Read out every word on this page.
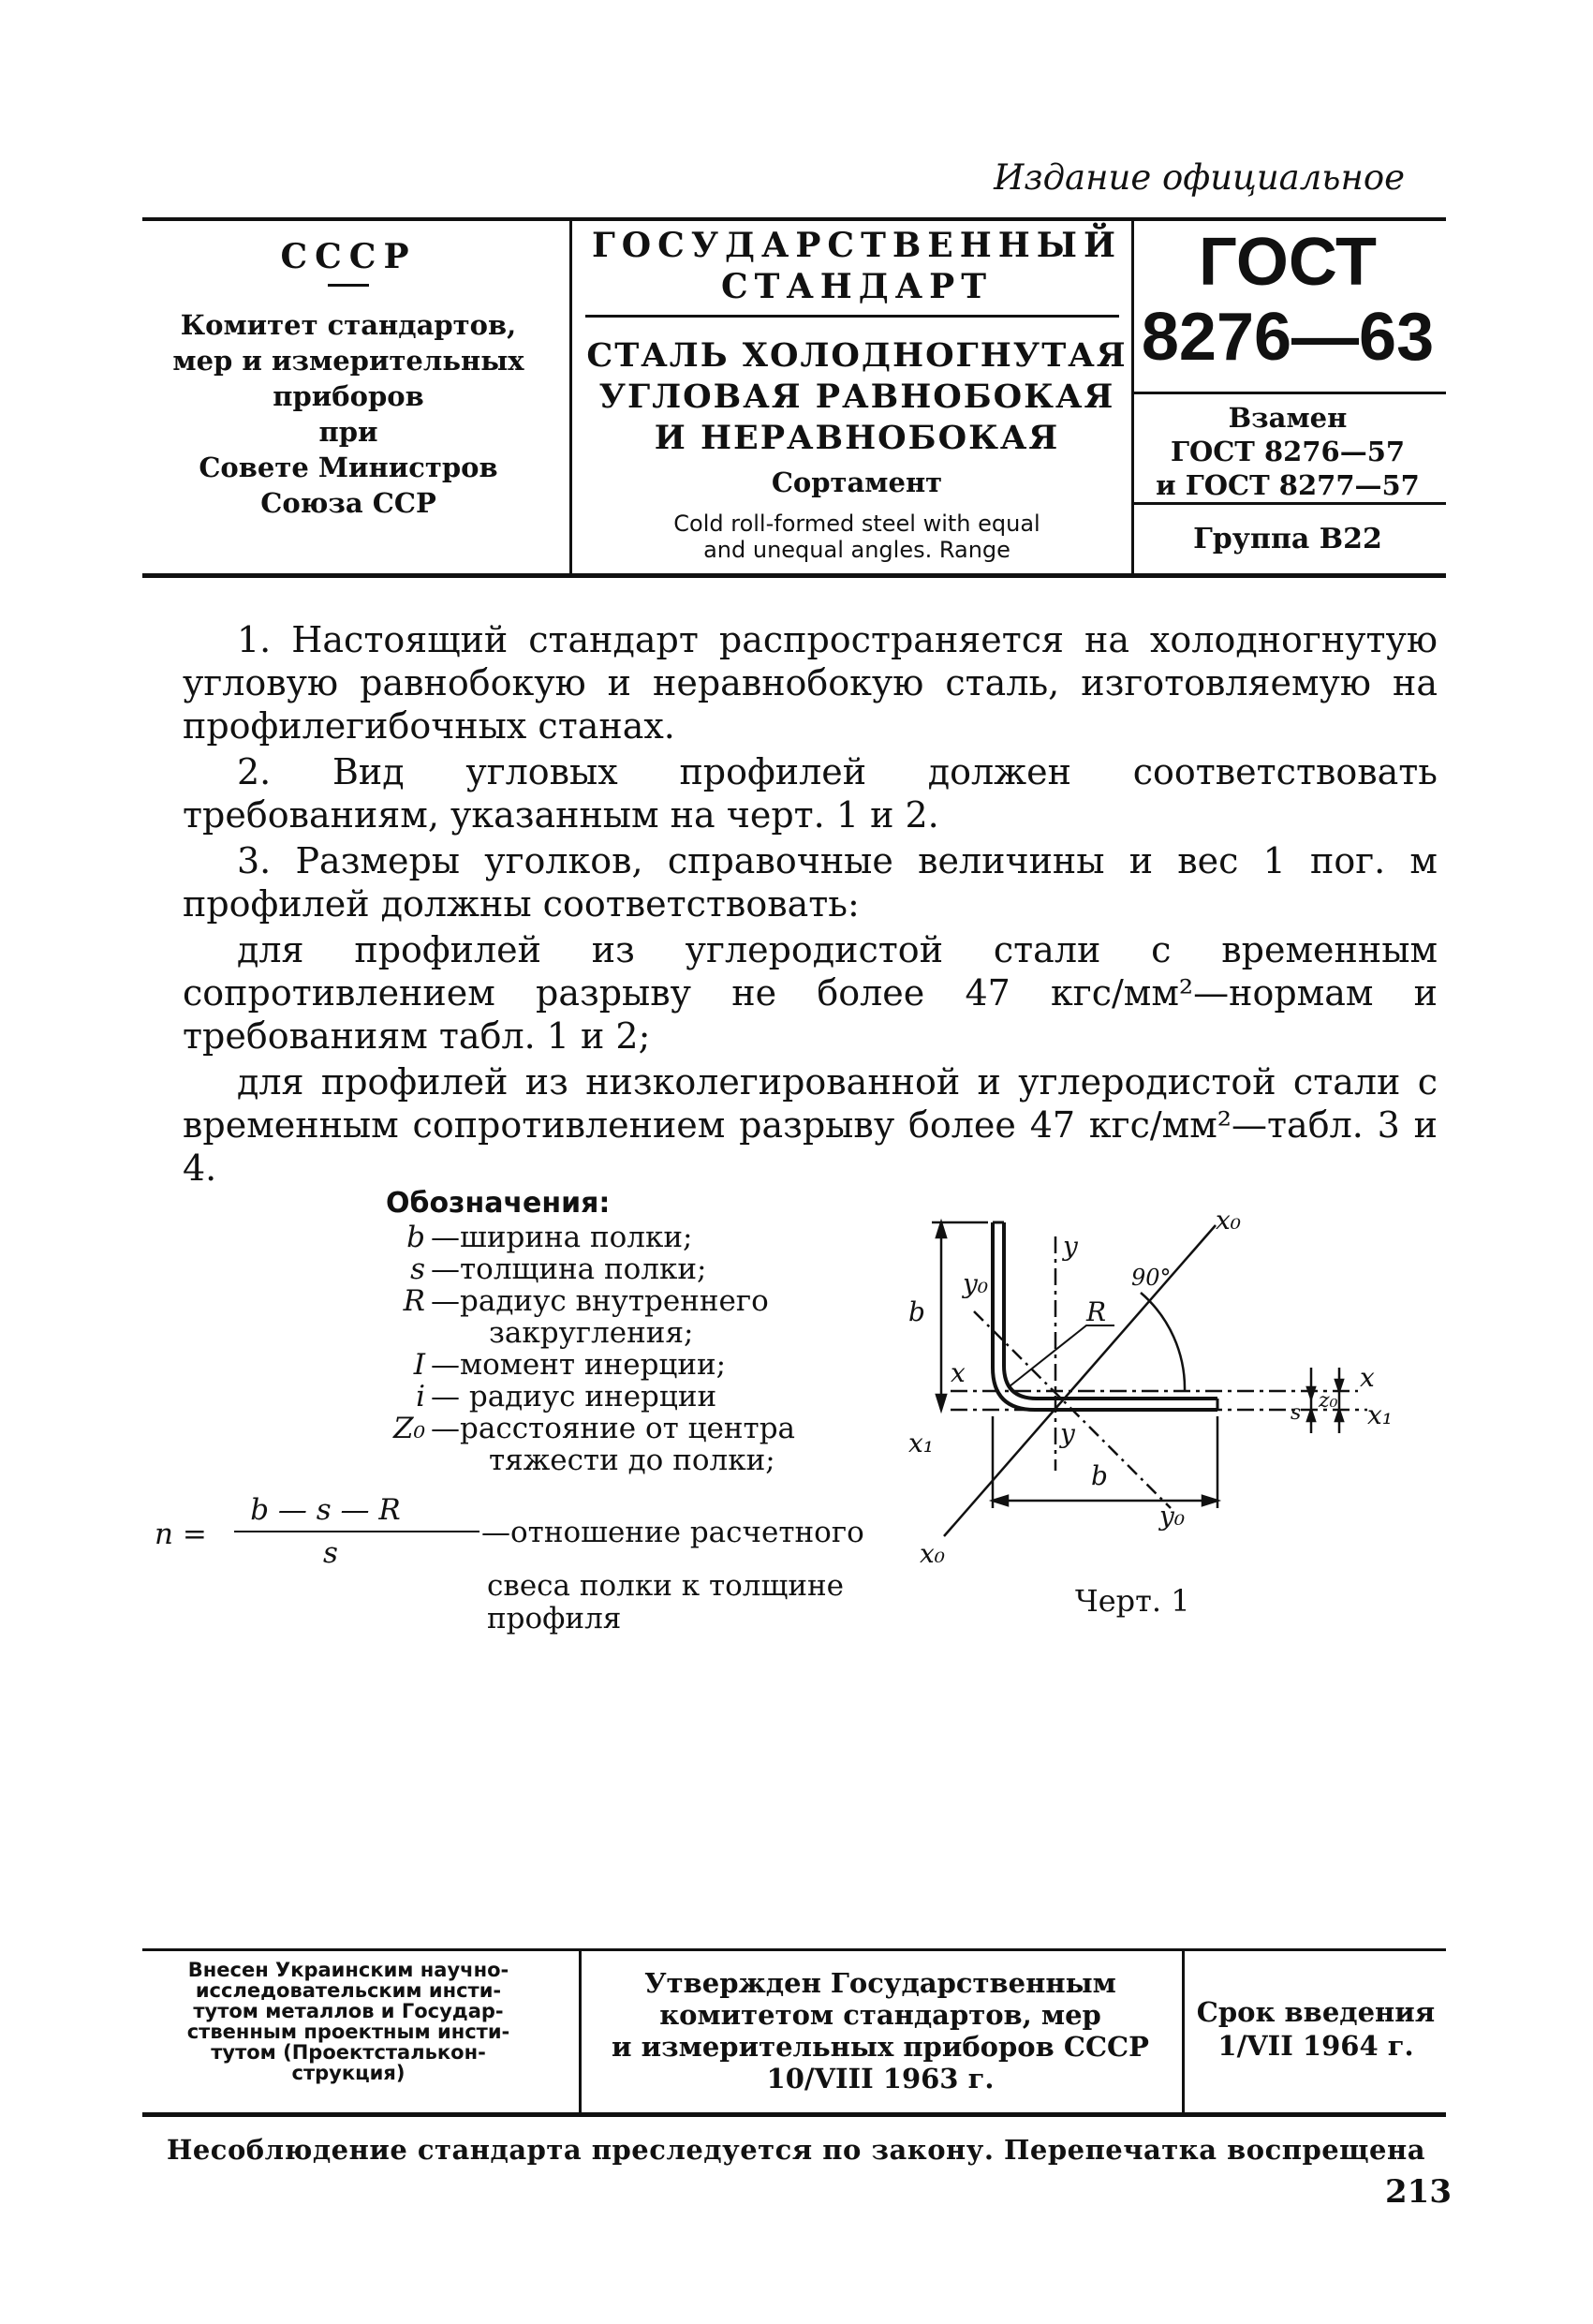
Издание официальное
СССР
Комитет стандартов,
мер и измерительных
приборов
при
Совете Министров
Союза ССР
ГОСУДАРСТВЕННЫЙ
СТАНДАРТ
СТАЛЬ ХОЛОДНОГНУТАЯ
УГЛОВАЯ РАВНОБОКАЯ
И НЕРАВНОБОКАЯ
Сортамент
Cold roll-formed steel with equal
and unequal angles. Range
ГОСТ
8276—63
Взамен
ГОСТ 8276—57
и ГОСТ 8277—57
Группа В22

1. Настоящий стандарт распространяется на холодногнутую угловую равнобокую и неравнобокую сталь, изготовляемую на профилегибочных станах.

2. Вид угловых профилей должен соответствовать требованиям, указанным на черт. 1 и 2.

3. Размеры уголков, справочные величины и вес 1 пог. м профилей должны соответствовать:

для профилей из углеродистой стали с временным сопротивлением разрыву не более 47 кгс/мм²—нормам и требованиям табл. 1 и 2;

для профилей из низколегированной и углеродистой стали с временным сопротивлением разрыву более 47 кгс/мм²—табл. 3 и 4.

Обозначения:
b —ширина полки;
s —толщина полки;
R —радиус внутреннего
закругления;
I —момент инерции;
i — радиус инерции
Z₀ —расстояние от центра
тяжести до полки;
n =
b — s — R
s
—отношение расчетного
свеса полки к толщине
профиля
b
b
y
y
y₀
y₀
x₀
x₀
x	x
x₁
x₁
R
90°
s
z₀
Черт. 1
Внесен Украинским научно-
исследовательским инсти-
тутом металлов и Государ-
ственным проектным инсти-
тутом (Проектсталькон-
струкция)
Утвержден Государственным
комитетом стандартов, мер
и измерительных приборов СССР
10/VIII 1963 г.
Срок введения
1/VII 1964 г.
Несоблюдение стандарта преследуется по закону. Перепечатка воспрещена
213
